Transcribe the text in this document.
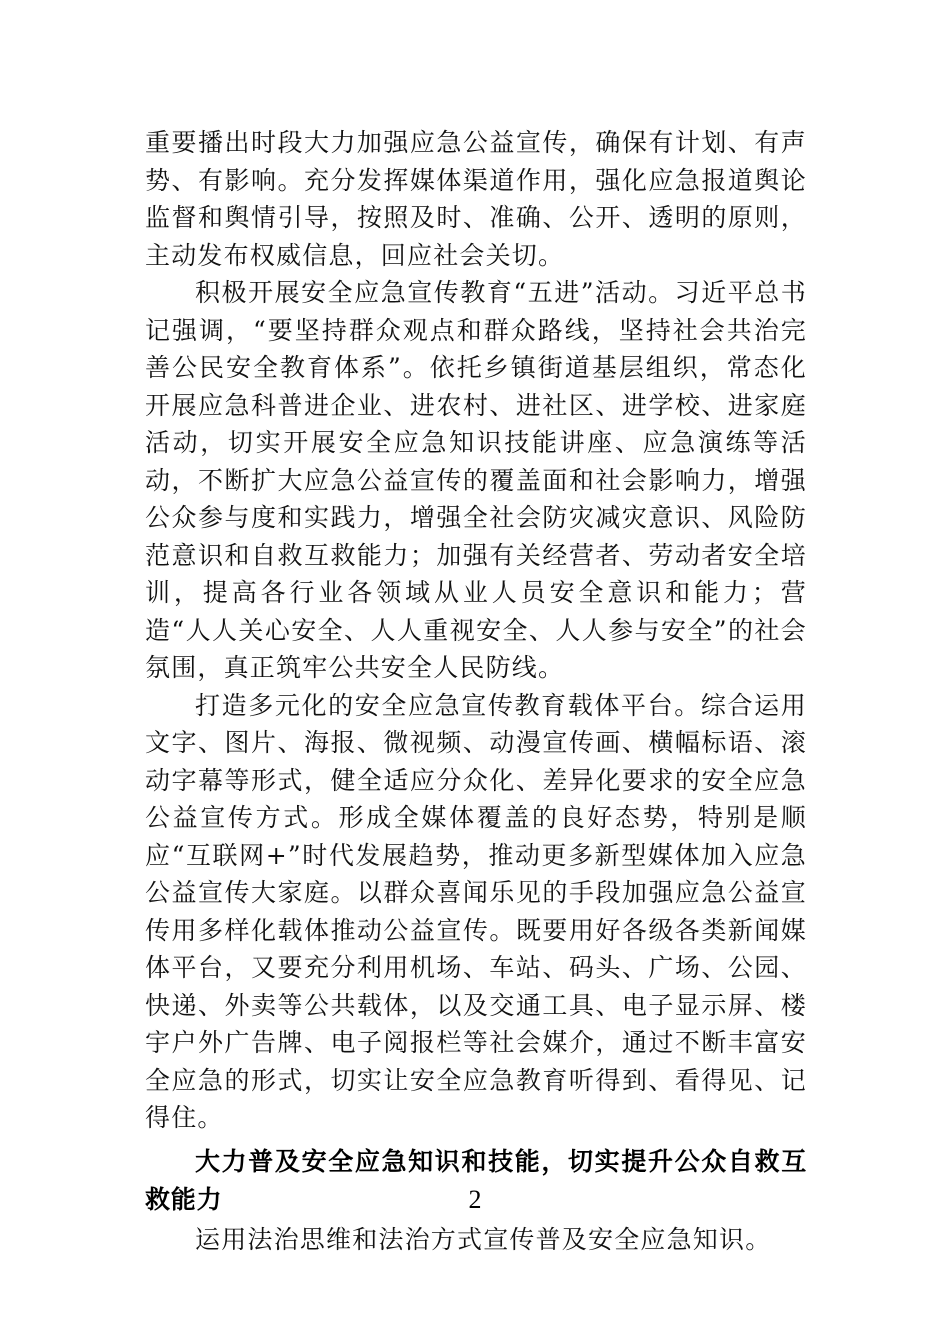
重要播出时段大力加强应急公益宣传，确保有计划、有声势、有影响。充分发挥媒体渠道作用，强化应急报道舆论监督和舆情引导，按照及时、准确、公开、透明的原则，主动发布权威信息，回应社会关切。

积极开展安全应急宣传教育“五进”活动。习近平总书记强调，“要坚持群众观点和群众路线，坚持社会共治完善公民安全教育体系”。依托乡镇街道基层组织，常态化开展应急科普进企业、进农村、进社区、进学校、进家庭活动，切实开展安全应急知识技能讲座、应急演练等活动，不断扩大应急公益宣传的覆盖面和社会影响力，增强公众参与度和实践力，增强全社会防灾减灾意识、风险防范意识和自救互救能力；加强有关经营者、劳动者安全培训，提高各行业各领域从业人员安全意识和能力；营造“人人关心安全、人人重视安全、人人参与安全”的社会氛围，真正筑牢公共安全人民防线。

打造多元化的安全应急宣传教育载体平台。综合运用文字、图片、海报、微视频、动漫宣传画、横幅标语、滚动字幕等形式，健全适应分众化、差异化要求的安全应急公益宣传方式。形成全媒体覆盖的良好态势，特别是顺应“互联网+”时代发展趋势，推动更多新型媒体加入应急公益宣传大家庭。以群众喜闻乐见的手段加强应急公益宣传用多样化载体推动公益宣传。既要用好各级各类新闻媒体平台，又要充分利用机场、车站、码头、广场、公园、快递、外卖等公共载体，以及交通工具、电子显示屏、楼宇户外广告牌、电子阅报栏等社会媒介，通过不断丰富安全应急的形式，切实让安全应急教育听得到、看得见、记得住。

大力普及安全应急知识和技能，切实提升公众自救互救能力

运用法治思维和法治方式宣传普及安全应急知识。

2
